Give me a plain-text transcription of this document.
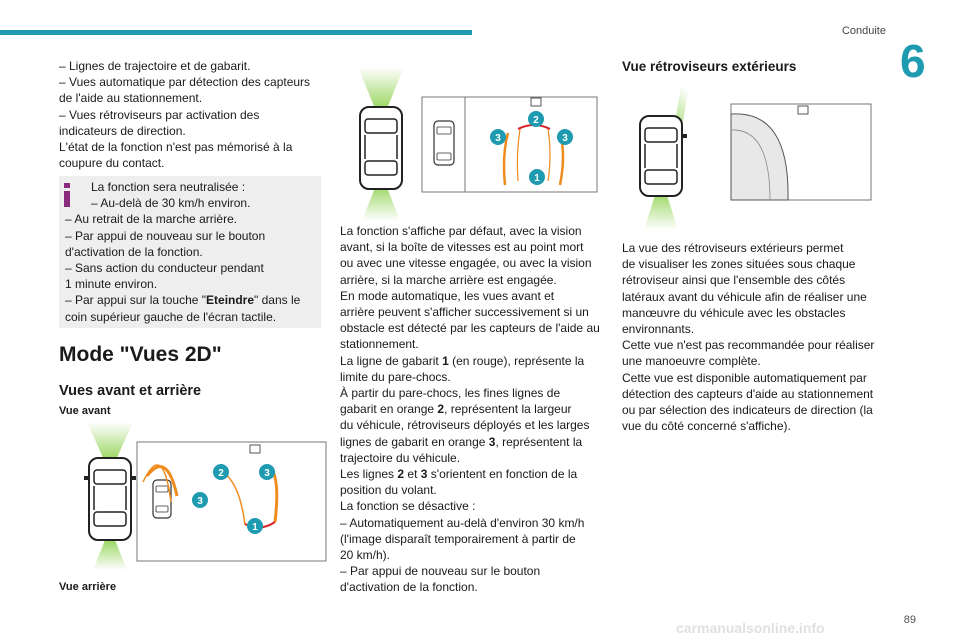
Conduite
6

– Lignes de trajectoire et de gabarit.

– Vues automatique par détection des capteurs

de l'aide au stationnement.

– Vues rétroviseurs par activation des

indicateurs de direction.

L'état de la fonction n'est pas mémorisé à la

coupure du contact.

La fonction sera neutralisée :

– Au-delà de 30 km/h environ.

– Au retrait de la marche arrière.

– Par appui de nouveau sur le bouton

d'activation de la fonction.

– Sans action du conducteur pendant

1 minute environ.

– Par appui sur la touche "Eteindre" dans le

coin supérieur gauche de l'écran tactile.

Mode "Vues 2D"
Vues avant et arrière
Vue avant
Vue arrière
2	3
3
1
2
3	3
1

La fonction s'affiche par défaut, avec la vision

avant, si la boîte de vitesses est au point mort

ou avec une vitesse engagée, ou avec la vision

arrière, si la marche arrière est engagée.

En mode automatique, les vues avant et

arrière peuvent s'afficher successivement si un

obstacle est détecté par les capteurs de l'aide au

stationnement.

La ligne de gabarit 1 (en rouge), représente la

limite du pare-chocs.

À partir du pare-chocs, les fines lignes de

gabarit en orange 2, représentent la largeur

du véhicule, rétroviseurs déployés et les larges

lignes de gabarit en orange 3, représentent la

trajectoire du véhicule.

Les lignes 2 et 3 s'orientent en fonction de la

position du volant.

La fonction se désactive :

– Automatiquement au-delà d'environ 30 km/h

(l'image disparaît temporairement à partir de

20 km/h).

– Par appui de nouveau sur le bouton

d'activation de la fonction.

Vue rétroviseurs extérieurs

La vue des rétroviseurs extérieurs permet

de visualiser les zones situées sous chaque

rétroviseur ainsi que l'ensemble des côtés

latéraux avant du véhicule afin de réaliser une

manœuvre du véhicule avec les obstacles

environnants.

Cette vue n'est pas recommandée pour réaliser

une manoeuvre complète.

Cette vue est disponible automatiquement par

détection des capteurs d'aide au stationnement

ou par sélection des indicateurs de direction (la

vue du côté concerné s'affiche).

89
carmanualsonline.info
